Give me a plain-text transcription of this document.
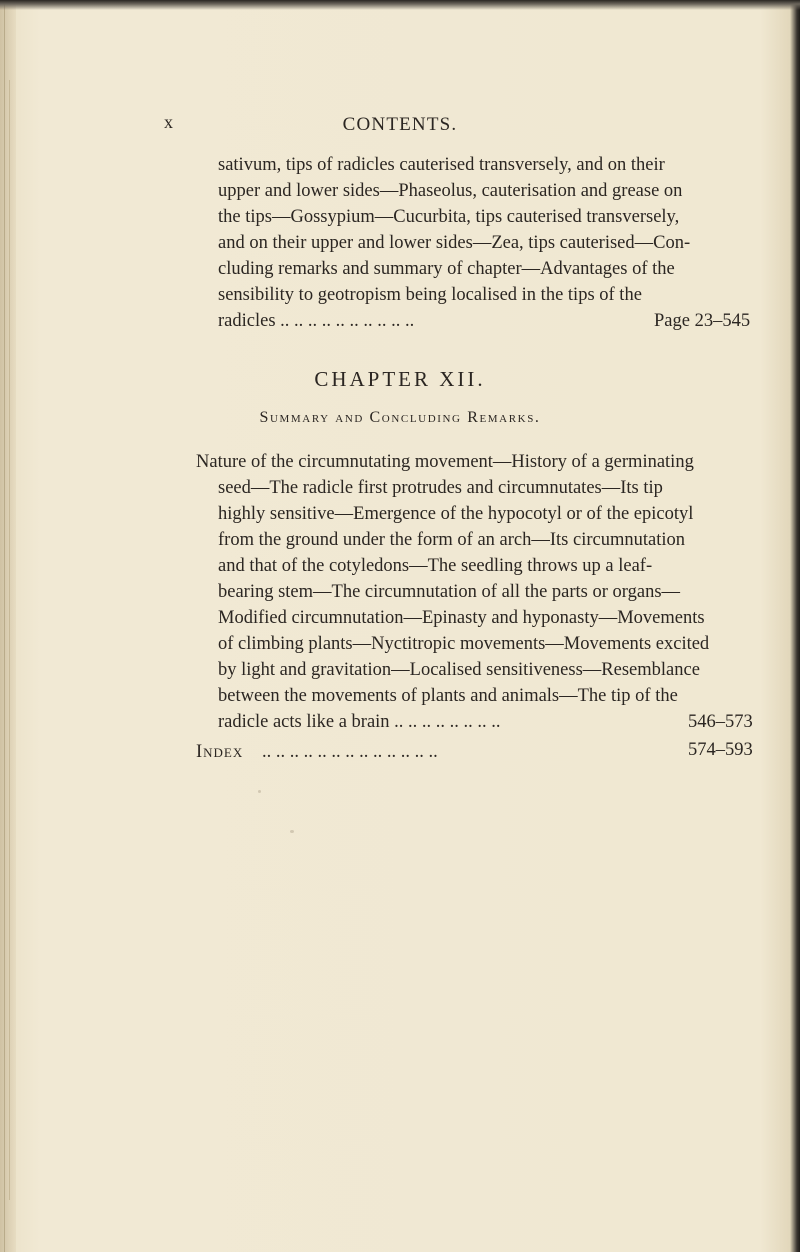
x	CONTENTS.
sativum, tips of radicles cauterised transversely, and on their
upper and lower sides—Phaseolus, cauterisation and grease on
the tips—Gossypium—Cucurbita, tips cauterised transversely,
and on their upper and lower sides—Zea, tips cauterised—Con-
cluding remarks and summary of chapter—Advantages of the
sensibility to geotropism being localised in the tips of the
radicles .. .. .. .. .. .. .. .. .. ..	Page 23–545
CHAPTER XII.
Summary and Concluding Remarks.
Nature of the circumnutating movement—History of a germinating
seed—The radicle first protrudes and circumnutates—Its tip
highly sensitive—Emergence of the hypocotyl or of the epicotyl
from the ground under the form of an arch—Its circumnutation
and that of the cotyledons—The seedling throws up a leaf-
bearing stem—The circumnutation of all the parts or organs—
Modified circumnutation—Epinasty and hyponasty—Movements
of climbing plants—Nyctitropic movements—Movements excited
by light and gravitation—Localised sensitiveness—Resemblance
between the movements of plants and animals—The tip of the
radicle acts like a brain .. .. .. .. .. .. .. ..	546–573
Index .. .. .. .. .. .. .. .. .. .. .. .. ..	574–593
